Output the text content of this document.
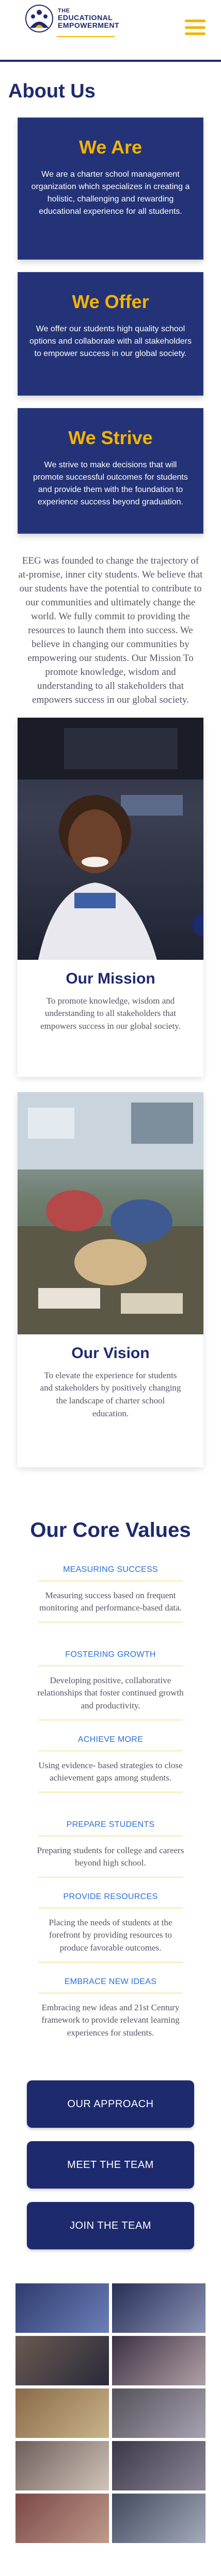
THE
EDUCATIONAL
EMPOWERMENT
About Us
We Are

We are a charter school management organization which specializes in creating a holistic, challenging and rewarding educational experience for all students.

We Offer

We offer our students high quality school options and collaborate with all stakeholders to empower success in our global society.

We Strive

We strive to make decisions that will promote successful outcomes for students and provide them with the foundation to experience success beyond graduation.

EEG was founded to change the trajectory of at-promise, inner city students. We believe that our students have the potential to contribute to our communities and ultimately change the world. We fully commit to providing the resources to launch them into success. We believe in changing our communities by empowering our students. Our Mission To promote knowledge, wisdom and understanding to all stakeholders that empowers success in our global society.

Our Mission

To promote knowledge, wisdom and understanding to all stakeholders that empowers success in our global society.

Our Vision

To elevate the experience for students and stakeholders by positively changing the landscape of charter school education.

Our Core Values
MEASURING SUCCESS

Measuring success based on frequent monitoring and performance-based data.

FOSTERING GROWTH

Developing positive, collaborative relationships that foster continued growth and productivity.

ACHIEVE MORE

Using evidence- based strategies to close achievement gaps among students.

PREPARE STUDENTS

Preparing students for college and careers beyond high school.

PROVIDE RESOURCES

Placing the needs of students at the forefront by providing resources to produce favorable outcomes.

EMBRACE NEW IDEAS

Embracing new ideas and 21st Century framework to provide relevant learning experiences for students.

OUR APPROACH
MEET THE TEAM
JOIN THE TEAM
